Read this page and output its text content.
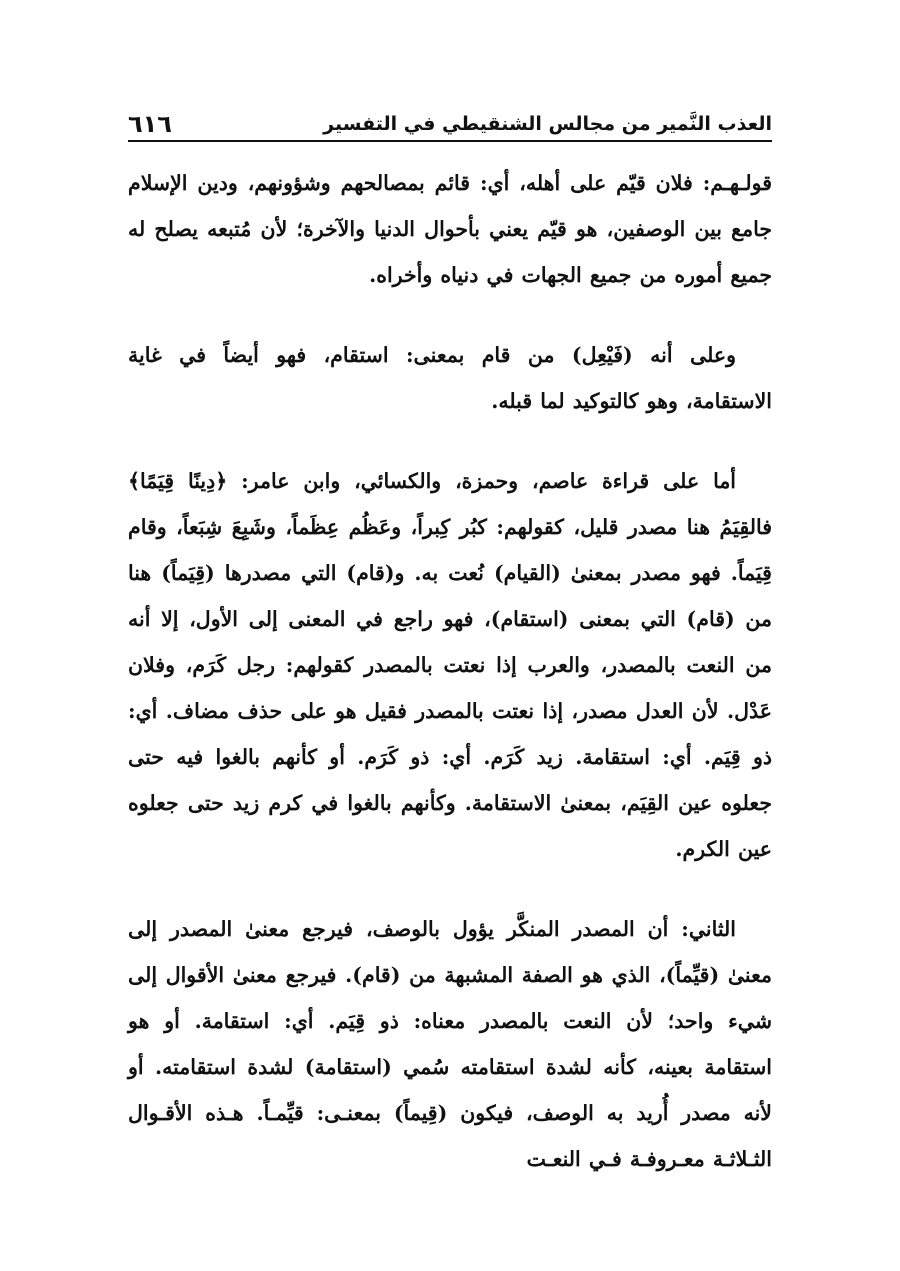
العذب النَّمير من مجالس الشنقيطي في التفسير
٦١٦

قولـهـم: فلان قيّم على أهله، أي: قائم بمصالحهم وشؤونهم، ودين الإسلام جامع بين الوصفين، هو قيّم يعني بأحوال الدنيا والآخرة؛ لأن مُتبعه يصلح له جميع أموره من جميع الجهات في دنياه وأخراه.

وعلى أنه (فَيْعِل) من قام بمعنى: استقام، فهو أيضاً في غاية الاستقامة، وهو كالتوكيد لما قبله.

أما على قراءة عاصم، وحمزة، والكسائي، وابن عامر: ﴿دِينًا قِيَمًا﴾ فالقِيَمُ هنا مصدر قليل، كقولهم: كبُر كِبراً، وعَظُم عِظَماً، وشَبِعَ شِبَعاً، وقام قِيَماً. فهو مصدر بمعنىٰ (القيام) نُعت به. و(قام) التي مصدرها (قِيَماً) هنا من (قام) التي بمعنى (استقام)، فهو راجع في المعنى إلى الأول، إلا أنه من النعت بالمصدر، والعرب إذا نعتت بالمصدر كقولهم: رجل كَرَم، وفلان عَدْل. لأن العدل مصدر، إذا نعتت بالمصدر فقيل هو على حذف مضاف. أي: ذو قِيَم. أي: استقامة. زيد كَرَم. أي: ذو كَرَم. أو كأنهم بالغوا فيه حتى جعلوه عين القِيَم، بمعنىٰ الاستقامة. وكأنهم بالغوا في كرم زيد حتى جعلوه عين الكرم.

الثاني: أن المصدر المنكَّر يؤول بالوصف، فيرجع معنىٰ المصدر إلى معنىٰ (قيِّماً)، الذي هو الصفة المشبهة من (قام). فيرجع معنىٰ الأقوال إلى شيء واحد؛ لأن النعت بالمصدر معناه: ذو قِيَم. أي: استقامة. أو هو استقامة بعينه، كأنه لشدة استقامته سُمي (استقامة) لشدة استقامته. أو لأنه مصدر أُريد به الوصف، فيكون (قِيماً) بمعنـى: قيِّمـاً. هـذه الأقـوال الثـلاثـة معـروفـة فـي النعـت
